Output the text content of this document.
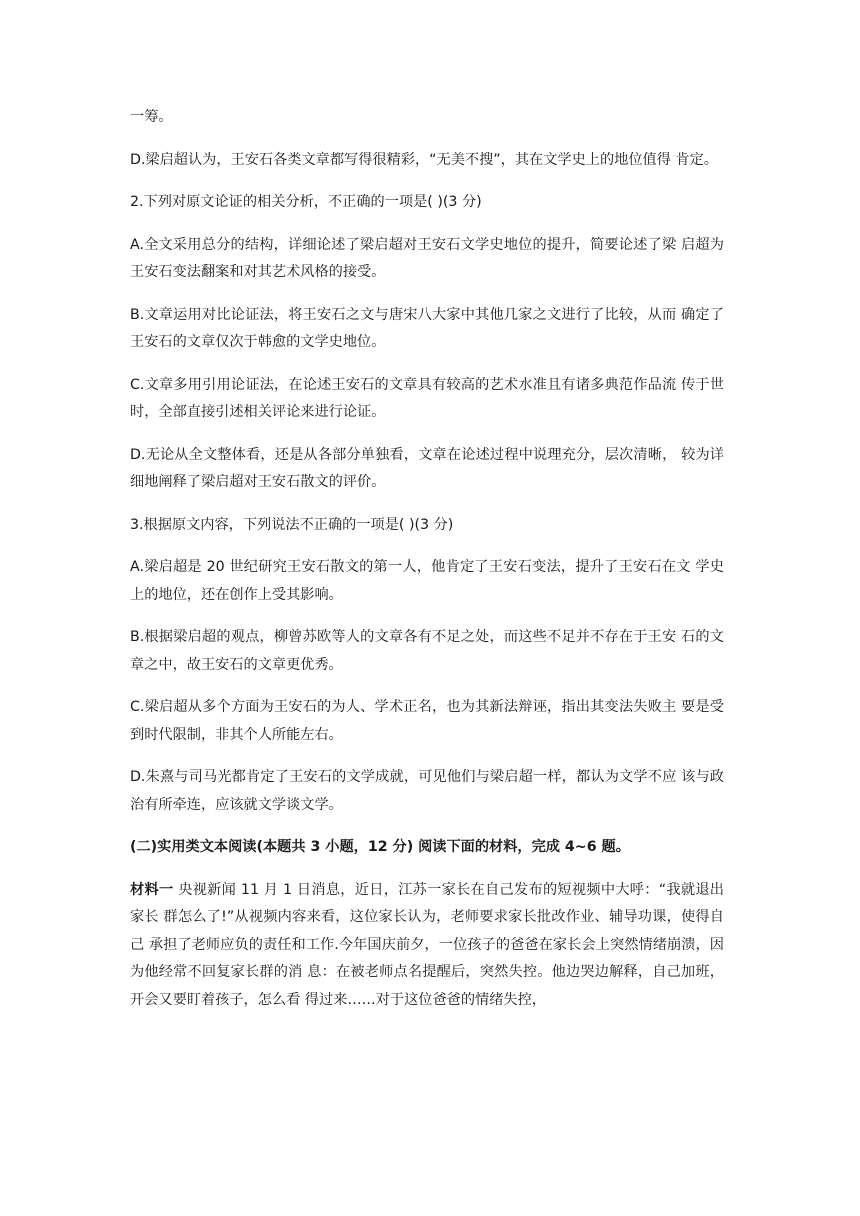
一筹。

D.梁启超认为，王安石各类文章都写得很精彩，“无美不搜”，其在文学史上的地位值得 肯定。

2.下列对原文论证的相关分析，不正确的一项是( )(3 分)

A.全文采用总分的结构，详细论述了梁启超对王安石文学史地位的提升，简要论述了梁 启超为王安石变法翻案和对其艺术风格的接受。

B.文章运用对比论证法，将王安石之文与唐宋八大家中其他几家之文进行了比较，从而 确定了王安石的文章仅次于韩愈的文学史地位。

C.文章多用引用论证法，在论述王安石的文章具有较高的艺术水准且有诸多典范作品流 传于世时，全部直接引述相关评论来进行论证。

D.无论从全文整体看，还是从各部分单独看，文章在论述过程中说理充分，层次清晰， 较为详细地阐释了梁启超对王安石散文的评价。

3.根据原文内容，下列说法不正确的一项是( )(3 分)

A.梁启超是 20 世纪研究王安石散文的第一人，他肯定了王安石变法，提升了王安石在文 学史上的地位，还在创作上受其影响。

B.根据梁启超的观点，柳曾苏欧等人的文章各有不足之处，而这些不足并不存在于王安 石的文章之中，故王安石的文章更优秀。

C.梁启超从多个方面为王安石的为人、学术正名，也为其新法辩诬，指出其变法失败主 要是受到时代限制，非其个人所能左右。

D.朱熹与司马光都肯定了王安石的文学成就，可见他们与梁启超一样，都认为文学不应 该与政治有所牵连，应该就文学谈文学。

(二)实用类文本阅读(本题共 3 小题，12 分) 阅读下面的材料，完成 4~6 题。

材料一 央视新闻 11 月 1 日消息，近日，江苏一家长在自己发布的短视频中大呼：“我就退出家长 群怎么了!”从视频内容来看，这位家长认为，老师要求家长批改作业、辅导功课，使得自己 承担了老师应负的责任和工作.今年国庆前夕，一位孩子的爸爸在家长会上突然情绪崩溃，因为他经常不回复家长群的消 息：在被老师点名提醒后，突然失控。他边哭边解释，自己加班，开会又要盯着孩子，怎么看 得过来……对于这位爸爸的情绪失控，
